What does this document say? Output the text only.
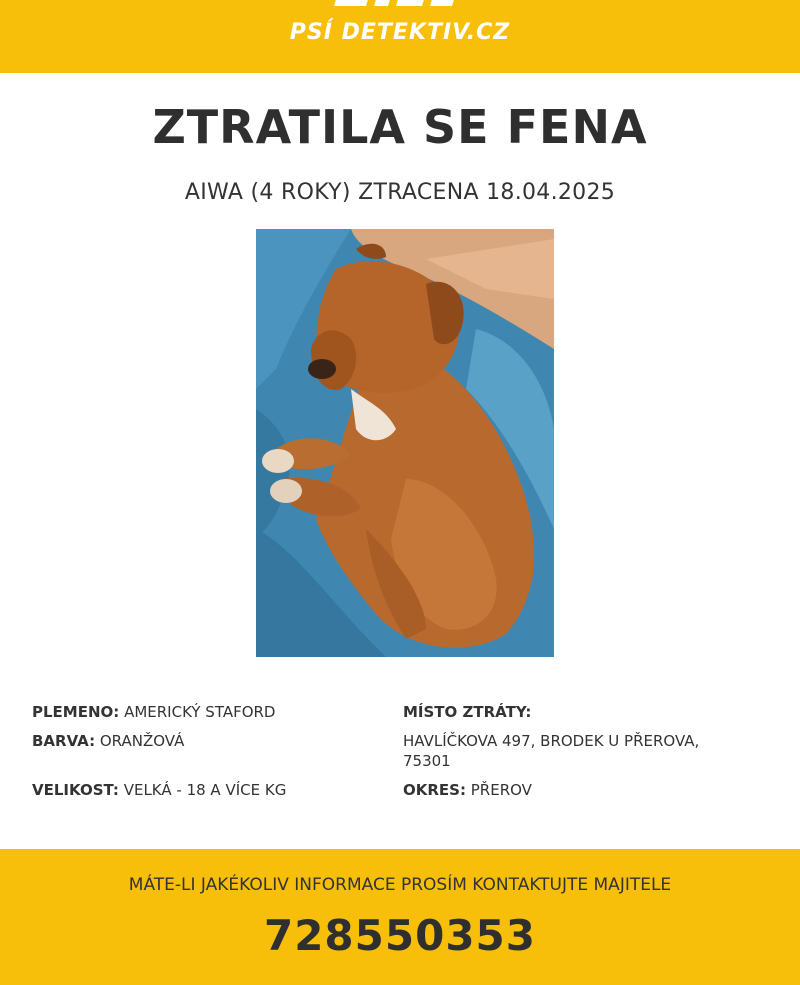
PSÍ DETEKTIV.CZ
ZTRATILA SE FENA
AIWA (4 ROKY) ZTRACENA 18.04.2025
PLEMENO: AMERICKÝ STAFORD
BARVA: ORANŽOVÁ
VELIKOST: VELKÁ - 18 A VÍCE KG
MÍSTO ZTRÁTY:
HAVLÍČKOVA 497, BRODEK U PŘEROVA,
75301
OKRES: PŘEROV
MÁTE-LI JAKÉKOLIV INFORMACE PROSÍM KONTAKTUJTE MAJITELE
728550353
